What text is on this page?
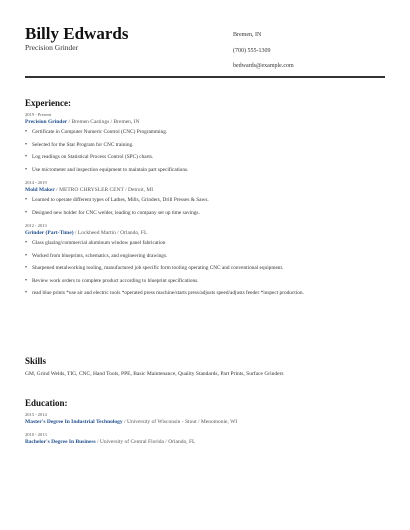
Billy Edwards
Precision Grinder
Bremen, IN
(700) 555-1309
bedwards@example.com
Experience:
2019 - Present
Precision Grinder / Bremen Castings / Bremen, IN
• Certificate in Computer Numeric Control (CNC) Programming.
• Selected for the Star Program for CNC training.
• Log readings on Statistical Process Control (SPC) charts.
• Use micrometer and inspection equipment to maintain part specifications.
2014 - 2019
Mold Maker / METRO CHRYSLER CENT / Detroit, MI
• Learned to operate different types of Lathes, Mills, Grinders, Drill Presses & Saws.
• Designed new holder for CNC welder, leading to company set up time savings.
2012 - 2013
Grinder (Part-Time) / Lockheed Martin / Orlando, FL
• Glass glazing/commercial aluminum window panel fabrication
• Worked from blueprints, schematics, and engineering drawings.
• Sharpened metalworking tooling, manufactured job specific form tooling operating CNC and conventional equipment.
• Review work orders to complete product according to blueprint specifications.
• read blue prints *use air and electric tools *operated press machine/starts press/adjusts speed/adjusts feeder *inspect production.
Skills
GM, Grind Welds, TIG, CNC, Hand Tools, PPE, Basic Maintenance, Quality Standards, Part Prints, Surface Grinders
Education:
2013 - 2014
Master's Degree In Industrial Technology / University of Wisconsin - Stout / Menomonie, WI
2010 - 2013
Bachelor's Degree In Business / University of Central Florida / Orlando, FL
